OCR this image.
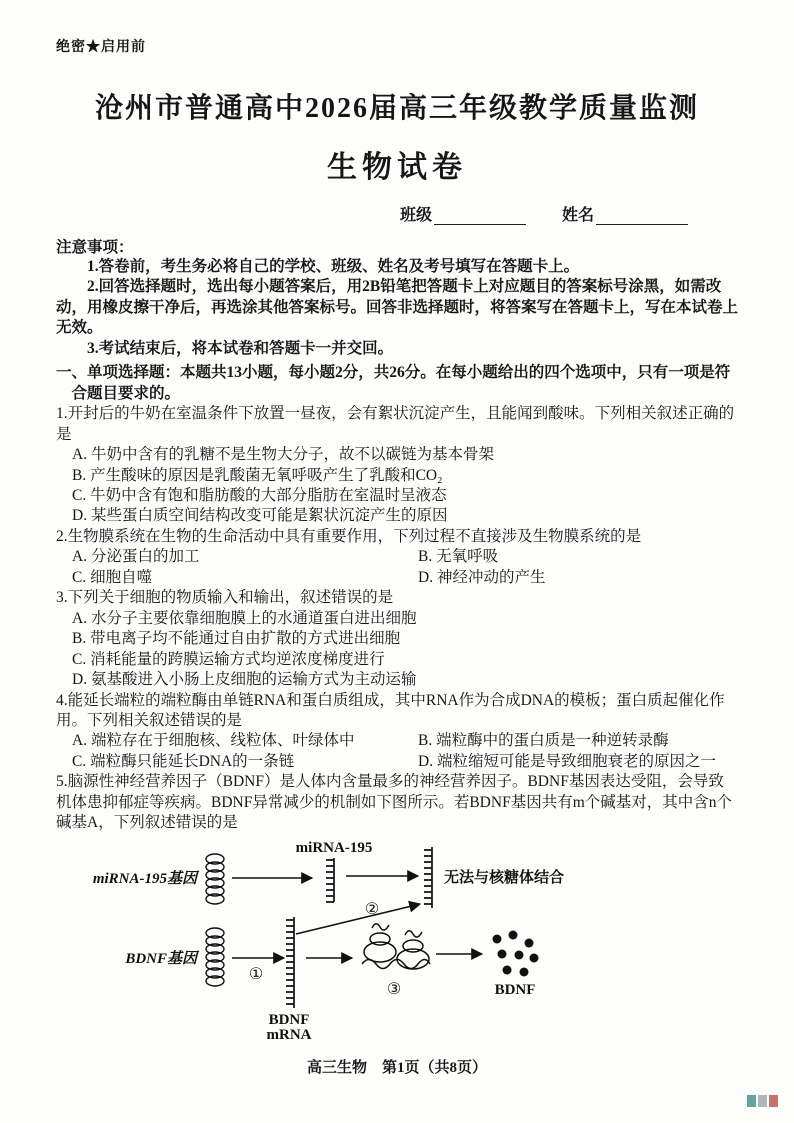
绝密★启用前
沧州市普通高中2026届高三年级教学质量监测
生物试卷
班级	姓名
注意事项：

1.答卷前，考生务必将自己的学校、班级、姓名及考号填写在答题卡上。

2.回答选择题时，选出每小题答案后，用2B铅笔把答题卡上对应题目的答案标号涂黑，如需改动，用橡皮擦干净后，再选涂其他答案标号。回答非选择题时，将答案写在答题卡上，写在本试卷上无效。

3.考试结束后，将本试卷和答题卡一并交回。

一、单项选择题：本题共13小题，每小题2分，共26分。在每小题给出的四个选项中，只有一项是符合题目要求的。

1.开封后的牛奶在室温条件下放置一昼夜，会有絮状沉淀产生，且能闻到酸味。下列相关叙述正确的是

A. 牛奶中含有的乳糖不是生物大分子，故不以碳链为基本骨架

B. 产生酸味的原因是乳酸菌无氧呼吸产生了乳酸和CO₂

C. 牛奶中含有饱和脂肪酸的大部分脂肪在室温时呈液态

D. 某些蛋白质空间结构改变可能是絮状沉淀产生的原因

2.生物膜系统在生物的生命活动中具有重要作用，下列过程不直接涉及生物膜系统的是

A. 分泌蛋白的加工	B. 无氧呼吸

C. 细胞自噬	D. 神经冲动的产生

3.下列关于细胞的物质输入和输出，叙述错误的是

A. 水分子主要依靠细胞膜上的水通道蛋白进出细胞

B. 带电离子均不能通过自由扩散的方式进出细胞

C. 消耗能量的跨膜运输方式均逆浓度梯度进行

D. 氨基酸进入小肠上皮细胞的运输方式为主动运输

4.能延长端粒的端粒酶由单链RNA和蛋白质组成，其中RNA作为合成DNA的模板；蛋白质起催化作用。下列相关叙述错误的是

A. 端粒存在于细胞核、线粒体、叶绿体中	B. 端粒酶中的蛋白质是一种逆转录酶

C. 端粒酶只能延长DNA的一条链	D. 端粒缩短可能是导致细胞衰老的原因之一

5.脑源性神经营养因子（BDNF）是人体内含量最多的神经营养因子。BDNF基因表达受阻，会导致机体患抑郁症等疾病。BDNF异常减少的机制如下图所示。若BDNF基因共有m个碱基对，其中含n个碱基A，下列叙述错误的是

miRNA-195基因
miRNA-195
无法与核糖体结合
②
BDNF基因
①
BDNF
mRNA
③	BDNF
高三生物　第1页（共8页）
